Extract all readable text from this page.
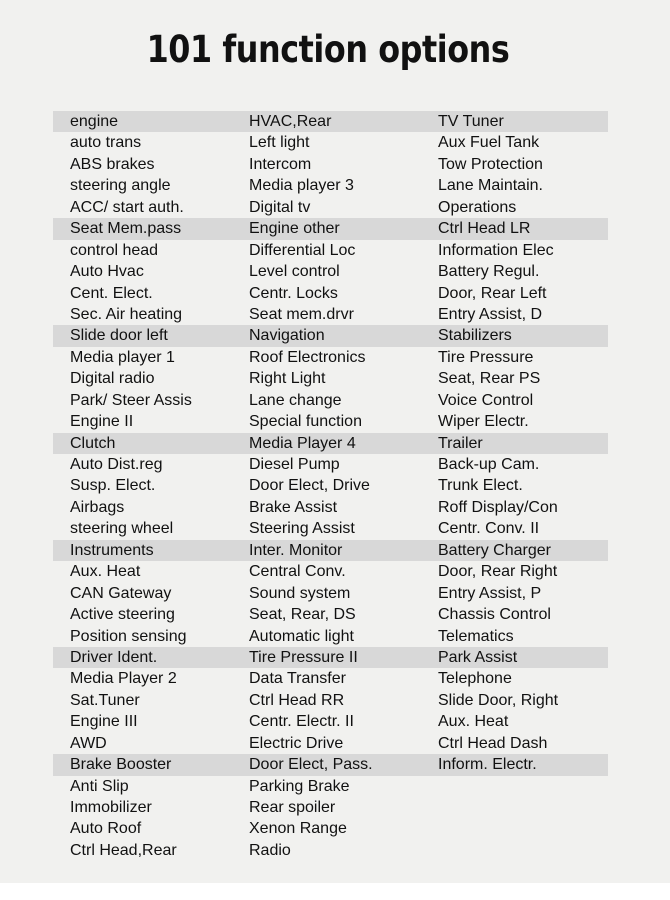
101 function options
engine	HVAC,Rear	TV Tuner
auto trans	Left light	Aux Fuel Tank
ABS brakes	Intercom	Tow Protection
steering angle	Media player 3	Lane Maintain.
ACC/ start auth.	Digital tv	Operations
Seat Mem.pass	Engine other	Ctrl Head LR
control head	Differential Loc	Information Elec
Auto Hvac	Level control	Battery Regul.
Cent. Elect.	Centr. Locks	Door, Rear Left
Sec. Air heating	Seat mem.drvr	Entry Assist, D
Slide door left	Navigation	Stabilizers
Media player 1	Roof Electronics	Tire Pressure
Digital radio	Right Light	Seat, Rear PS
Park/ Steer Assis	Lane change	Voice Control
Engine II	Special function	Wiper Electr.
Clutch	Media Player 4	Trailer
Auto Dist.reg	Diesel Pump	Back-up Cam.
Susp. Elect.	Door Elect, Drive	Trunk Elect.
Airbags	Brake Assist	Roff Display/Con
steering wheel	Steering Assist	Centr. Conv. II
Instruments	Inter. Monitor	Battery Charger
Aux. Heat	Central Conv.	Door, Rear Right
CAN Gateway	Sound system	Entry Assist, P
Active steering	Seat, Rear, DS	Chassis Control
Position sensing	Automatic light	Telematics
Driver Ident.	Tire Pressure II	Park Assist
Media Player 2	Data Transfer	Telephone
Sat.Tuner	Ctrl Head RR	Slide Door, Right
Engine III	Centr. Electr. II	Aux. Heat
AWD	Electric Drive	Ctrl Head Dash
Brake Booster	Door Elect, Pass.	Inform. Electr.
Anti Slip	Parking Brake
Immobilizer	Rear spoiler
Auto Roof	Xenon Range
Ctrl Head,Rear	Radio
